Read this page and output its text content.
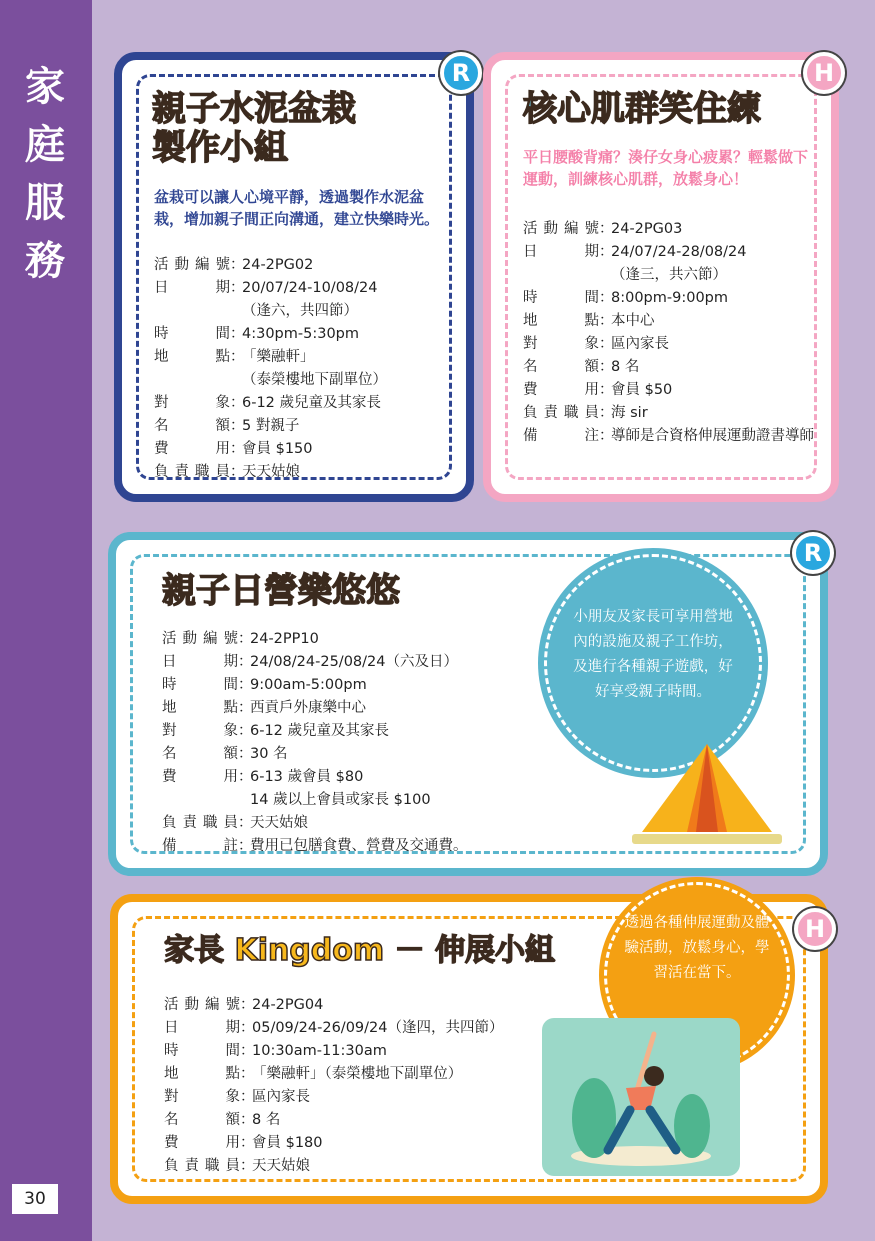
家
庭
服
務
30
R
親子水泥盆栽
製作小組
盆栽可以讓人心境平靜，透過製作水泥盆栽，增加親子間正向溝通，建立快樂時光。
活動編號 ：
24-2PG02
日期 ：
20/07/24-10/08/24
（逢六，共四節）
時間 ：
4:30pm-5:30pm
地點 ：
「樂融軒」
（泰榮樓地下副單位）
對象 ：
6-12 歲兒童及其家長
名額 ：
5 對親子
費用 ：
會員 $150
負責職員 ：
天天姑娘
H
核心肌群笑住練
平日腰酸背痛？湊仔女身心疲累？輕鬆做下運動，訓練核心肌群，放鬆身心！
活動編號 ：
24-2PG03
日期 ：
24/07/24-28/08/24
（逢三，共六節）
時間 ：
8:00pm-9:00pm
地點 ：
本中心
對象 ：
區內家長
名額 ：
8 名
費用 ：
會員 $50
負責職員 ：
海 sir
備注 ：
導師是合資格伸展運動證書導師
R
親子日營樂悠悠
活動編號 ：
24-2PP10
日期 ：
24/08/24-25/08/24（六及日）
時間 ：
9:00am-5:00pm
地點 ：
西貢戶外康樂中心
對象 ：
6-12 歲兒童及其家長
名額 ：
30 名
費用 ：
6-13 歲會員 $80
14 歲以上會員或家長 $100
負責職員 ：
天天姑娘
備註 ：
費用已包膳食費、營費及交通費。
小朋友及家長可享用營地內的設施及親子工作坊，及進行各種親子遊戲，好好享受親子時間。
H
家長 Kingdom － 伸展小組
活動編號 ：
24-2PG04
日期 ：
05/09/24-26/09/24（逢四，共四節）
時間 ：
10:30am-11:30am
地點 ：
「樂融軒」（泰榮樓地下副單位）
對象 ：
區內家長
名額 ：
8 名
費用 ：
會員 $180
負責職員 ：
天天姑娘
透過各種伸展運動及體驗活動，放鬆身心，學習活在當下。
